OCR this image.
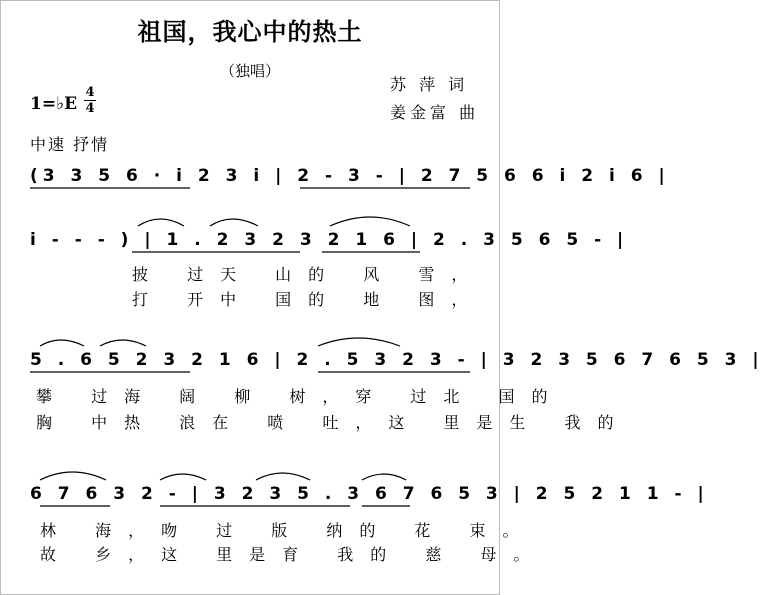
祖国，我心中的热土
（独唱）
苏 萍 词
姜金富 曲
1=♭E
4
4
中速 抒情
(3 3 5 6 · i 2 3 i | 2 - 3 - | 2 7 5 6 6 i 2 i 6 |
i - - - ) | 1 . 2 3 2 3 2 1 6 | 2 . 3 5 6 5 - |
披 过天 山的 风 雪，
打 开中 国的 地 图，
5 . 6 5 2 3 2 1 6 | 2 . 5 3 2 3 - | 3 2 3 5 6 7 6 5 3 |
攀 过海 阔 柳 树，穿 过北 国的
胸 中热 浪在 喷 吐，这 里是生 我的
6 7 6 3 2 - | 3 2 3 5 . 3 6 7 6 5 3 | 2 5 2 1 1 - |
林 海，吻 过 版 纳的 花 束。
故 乡，这 里是育 我的 慈 母。
